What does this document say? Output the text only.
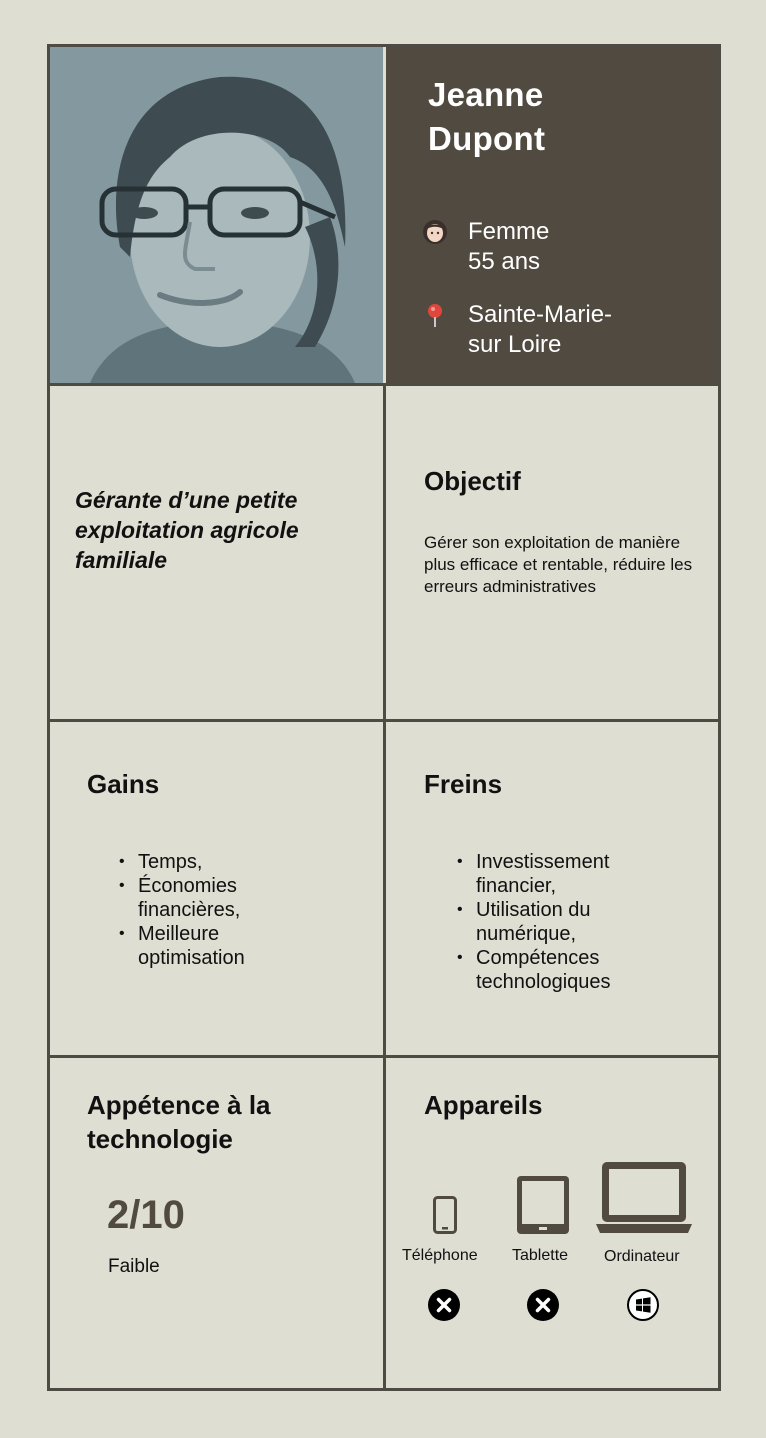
Jeanne
Dupont
Femme
55 ans
Sainte-Marie-
sur Loire
Gérante d’une petite
exploitation agricole
familiale
Objectif
Gérer son exploitation de manière plus efficace et rentable, réduire les erreurs administratives
Gains
• Temps,
• Économies
financières,
• Meilleure
optimisation
Freins
• Investissement
financier,
• Utilisation du
numérique,
• Compétences
technologiques
Appétence à la
technologie
2/10
Faible
Appareils
Téléphone Tablette Ordinateur
